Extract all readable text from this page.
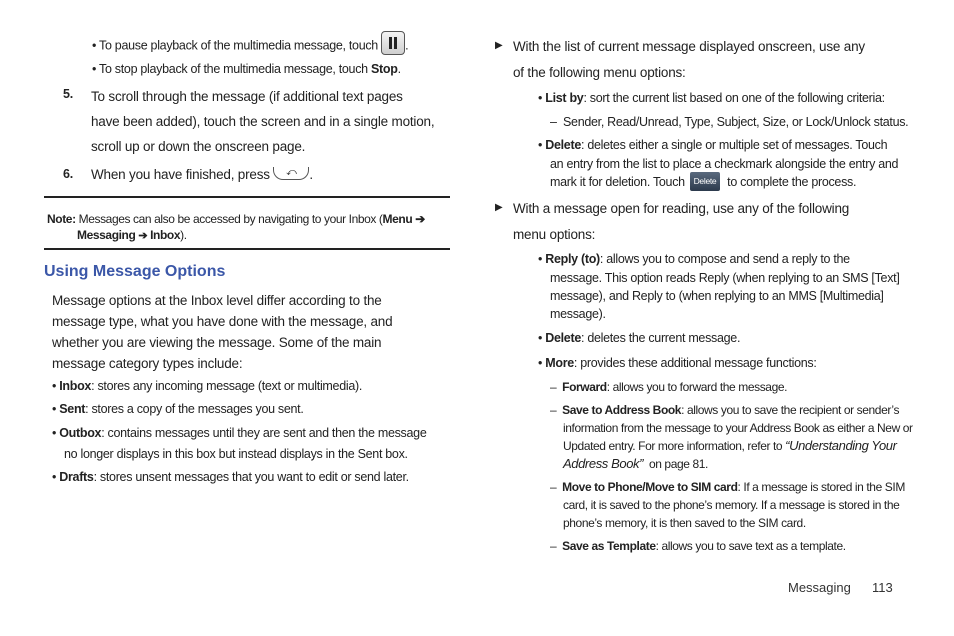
• To pause playback of the multimedia message, touch .
• To stop playback of the multimedia message, touch Stop.
5. To scroll through the message (if additional text pages
have been added), touch the screen and in a single motion,
scroll up or down the onscreen page.
6. When you have finished, press ⤺ .
Note: Messages can also be accessed by navigating to your Inbox (Menu ➔
Messaging ➔ Inbox).
Using Message Options
Message options at the Inbox level differ according to the
message type, what you have done with the message, and
whether you are viewing the message. Some of the main
message category types include:
• Inbox: stores any incoming message (text or multimedia).
• Sent: stores a copy of the messages you sent.
• Outbox: contains messages until they are sent and then the message
no longer displays in this box but instead displays in the Sent box.
• Drafts: stores unsent messages that you want to edit or send later.
▶ With the list of current message displayed onscreen, use any
of the following menu options:
• List by: sort the current list based on one of the following criteria:
–  Sender, Read/Unread, Type, Subject, Size, or Lock/Unlock status.
• Delete: deletes either a single or multiple set of messages. Touch
an entry from the list to place a checkmark alongside the entry and
mark it for deletion. Touch Delete to complete the process.
▶ With a message open for reading, use any of the following
menu options:
• Reply (to): allows you to compose and send a reply to the
message. This option reads Reply (when replying to an SMS [Text]
message), and Reply to (when replying to an MMS [Multimedia]
message).
• Delete: deletes the current message.
• More: provides these additional message functions:
–  Forward: allows you to forward the message.
–  Save to Address Book: allows you to save the recipient or sender’s
information from the message to your Address Book as either a New or
Updated entry. For more information, refer to “Understanding Your
Address Book” on page 81.
–  Move to Phone/Move to SIM card: If a message is stored in the SIM
card, it is saved to the phone’s memory. If a message is stored in the
phone’s memory, it is then saved to the SIM card.
–  Save as Template: allows you to save text as a template.
Messaging 113
